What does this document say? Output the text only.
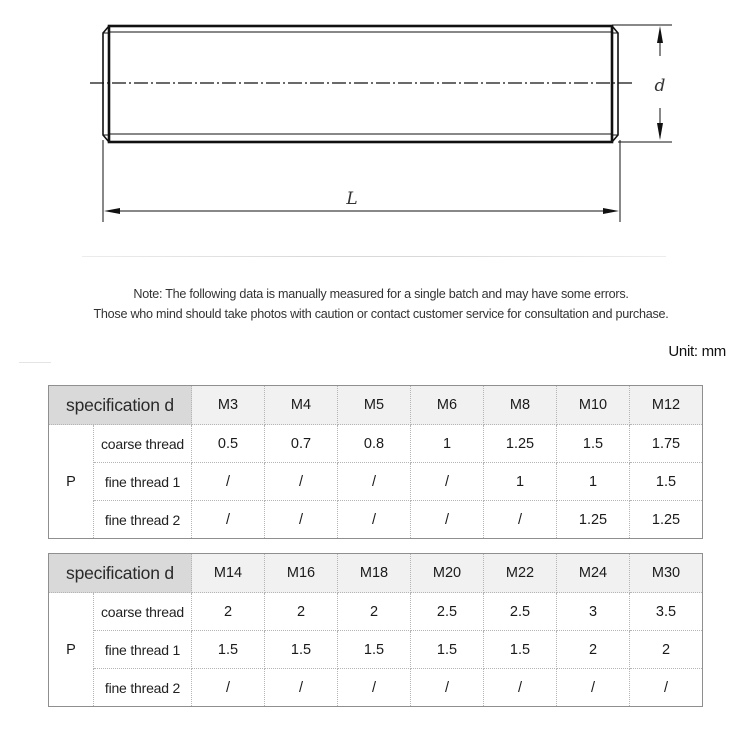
d
L
Note: The following data is manually measured for a single batch and may have some errors.
Those who mind should take photos with caution or contact customer service for consultation and purchase.
Unit: mm
specification d		M3	M4	M5	M6	M8	M10	M12
P	coarse thread	0.5	0.7	0.8	1	1.25	1.5	1.75
	fine thread 1	/	/	/	/	1	1	1.5
	fine thread 2	/	/	/	/	/	1.25	1.25
specification d		M14	M16	M18	M20	M22	M24	M30
P	coarse thread	2	2	2	2.5	2.5	3	3.5
	fine thread 1	1.5	1.5	1.5	1.5	1.5	2	2
	fine thread 2	/	/	/	/	/	/	/
